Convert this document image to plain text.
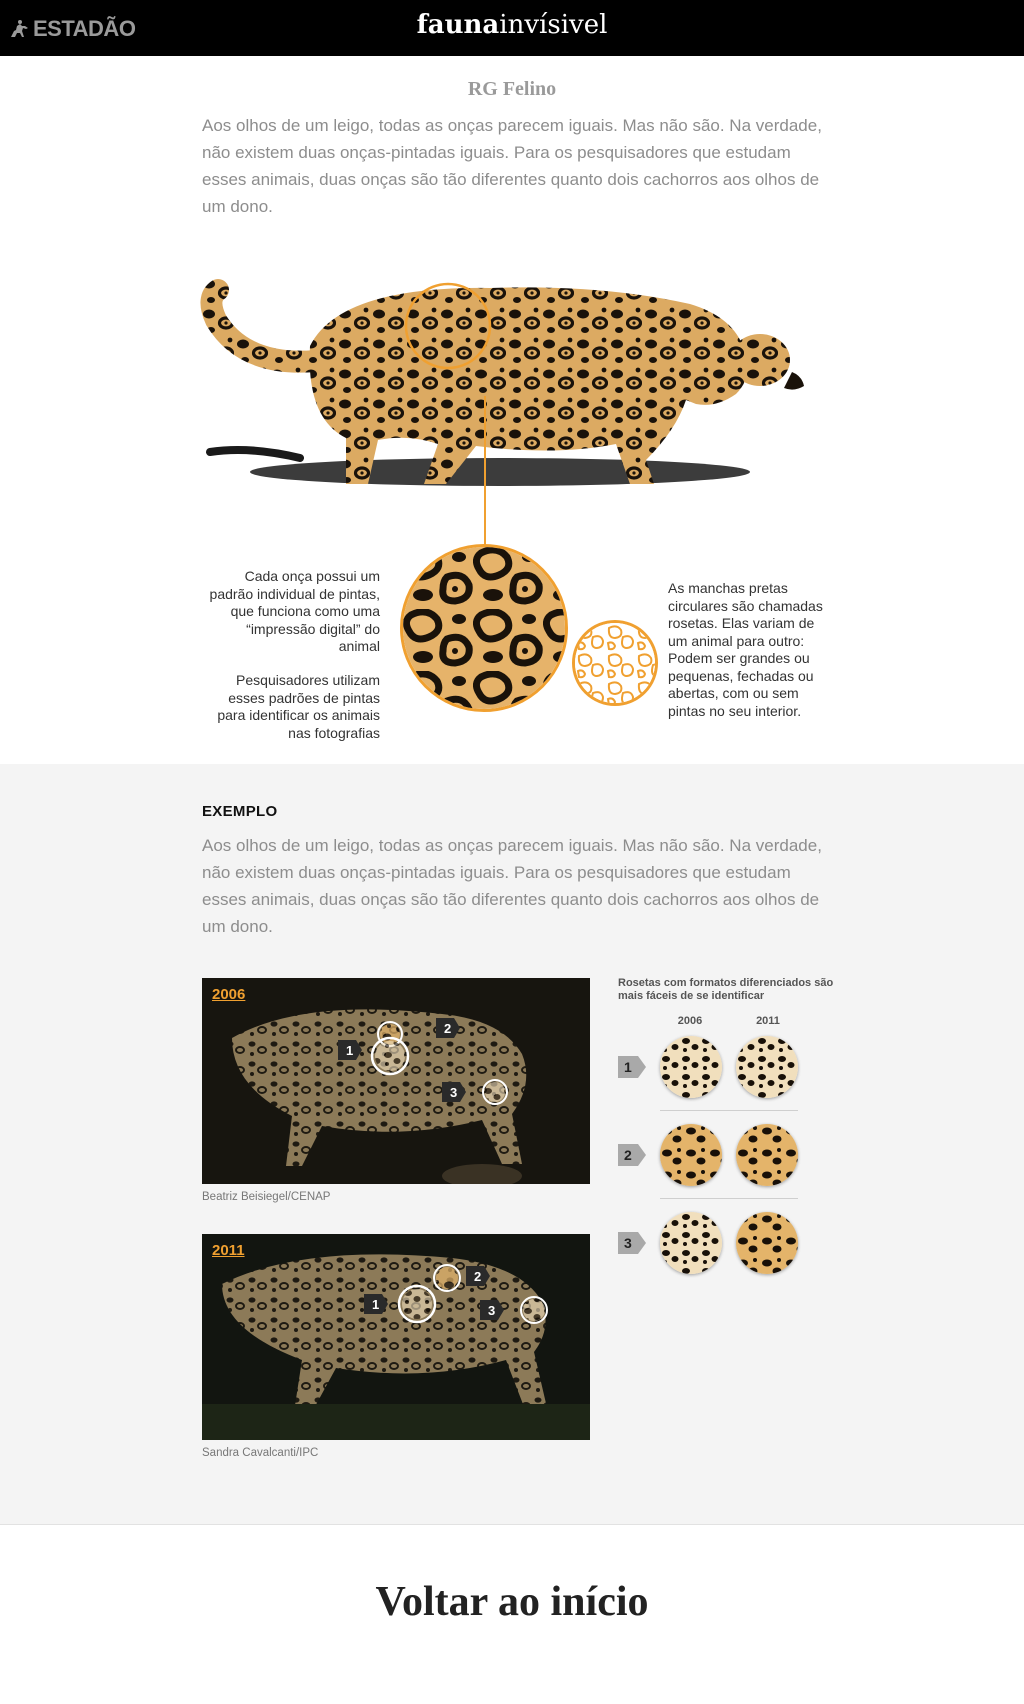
ESTADÃO	faunainvísivel
RG Felino

Aos olhos de um leigo, todas as onças parecem iguais. Mas não são. Na verdade, não existem duas onças-pintadas iguais. Para os pesquisadores que estudam esses animais, duas onças são tão diferentes quanto dois cachorros aos olhos de um dono.

Cada onça possui um padrão individual de pintas, que funciona como uma “impressão digital” do animal

Pesquisadores utilizam esses padrões de pintas para identificar os animais nas fotografias

As manchas pretas circulares são chamadas rosetas. Elas variam de um animal para outro: Podem ser grandes ou pequenas, fechadas ou abertas, com ou sem pintas no seu interior.

EXEMPLO

Aos olhos de um leigo, todas as onças parecem iguais. Mas não são. Na verdade, não existem duas onças-pintadas iguais. Para os pesquisadores que estudam esses animais, duas onças são tão diferentes quanto dois cachorros aos olhos de um dono.

2006
1
2
3
Beatriz Beisiegel/CENAP
2011
1
2
3
Sandra Cavalcanti/IPC
Rosetas com formatos diferenciados são mais fáceis de se identificar
2006	2011
1
2
3
Voltar ao início
